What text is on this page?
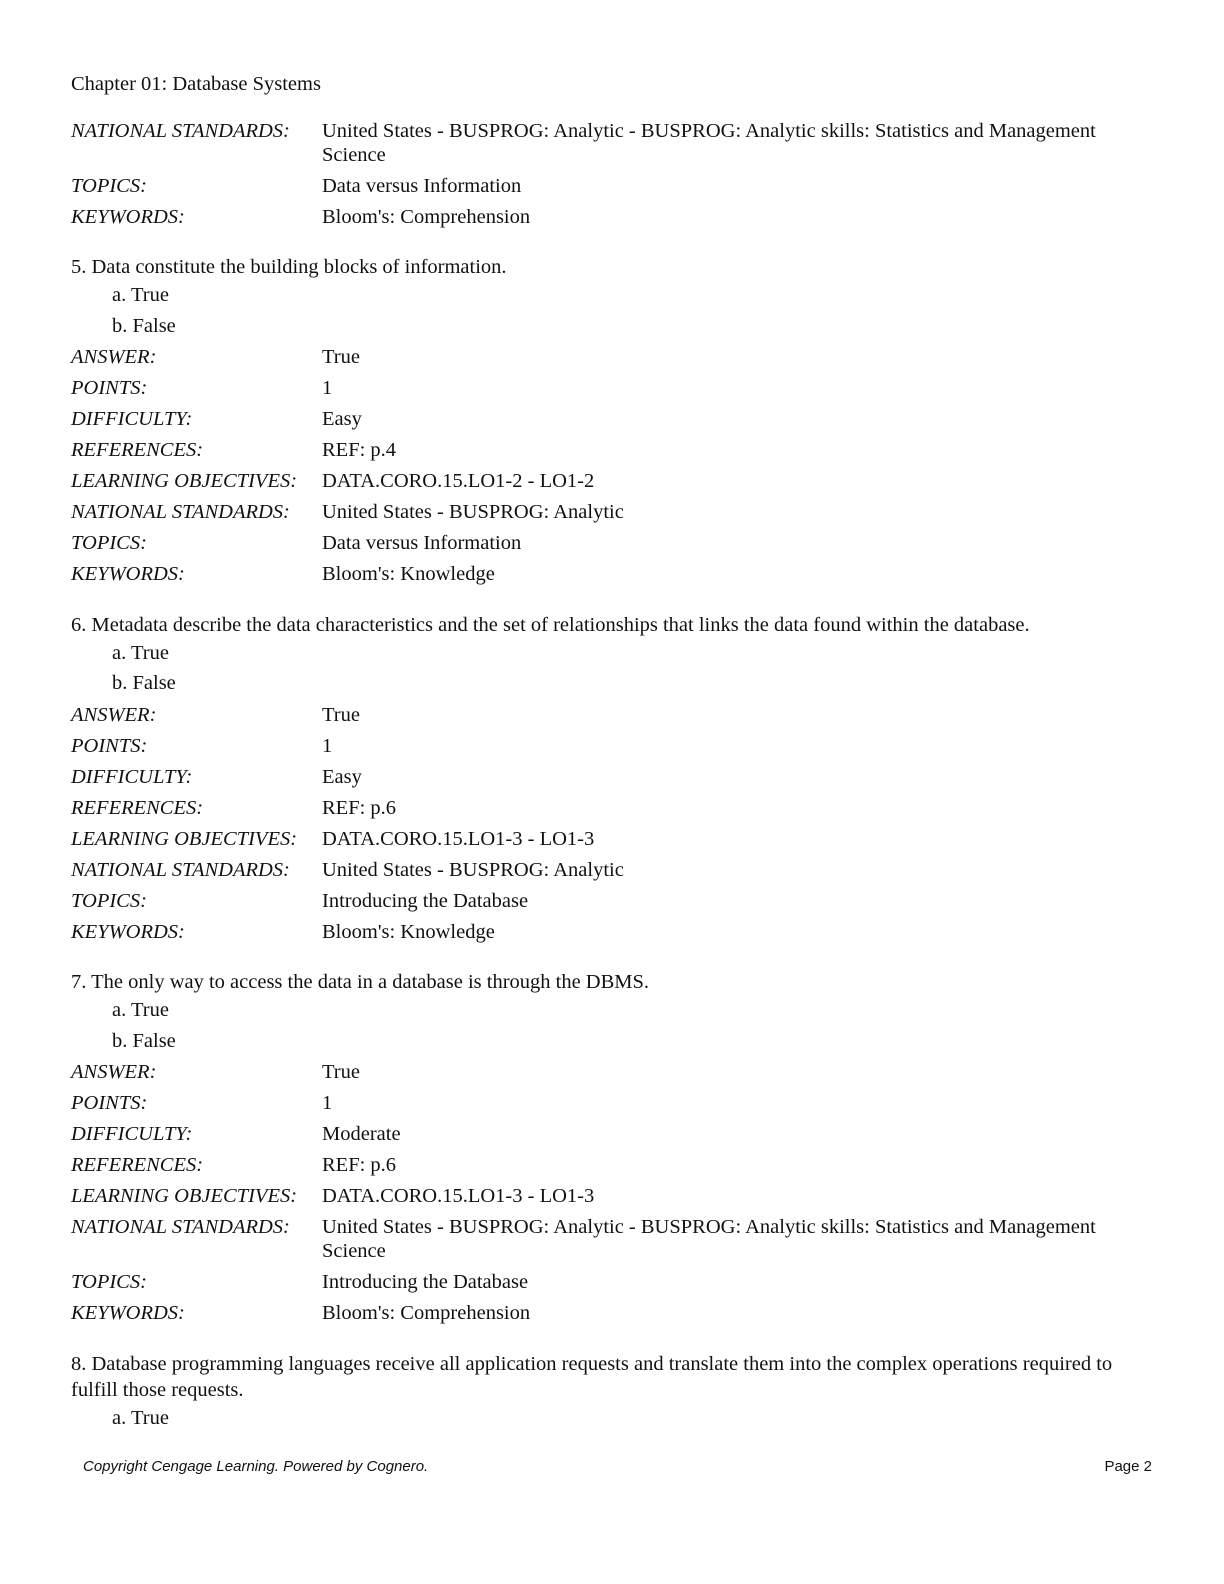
Chapter 01: Database Systems
NATIONAL STANDARDS:	United States - BUSPROG: Analytic - BUSPROG: Analytic skills: Statistics and Management Science
TOPICS:	Data versus Information
KEYWORDS:	Bloom's: Comprehension
5. Data constitute the building blocks of information.
a. True
b. False
ANSWER:	True
POINTS:	1
DIFFICULTY:	Easy
REFERENCES:	REF: p.4
LEARNING OBJECTIVES:	DATA.CORO.15.LO1-2 - LO1-2
NATIONAL STANDARDS:	United States - BUSPROG: Analytic
TOPICS:	Data versus Information
KEYWORDS:	Bloom's: Knowledge
6. Metadata describe the data characteristics and the set of relationships that links the data found within the database.
a. True
b. False
ANSWER:	True
POINTS:	1
DIFFICULTY:	Easy
REFERENCES:	REF: p.6
LEARNING OBJECTIVES:	DATA.CORO.15.LO1-3 - LO1-3
NATIONAL STANDARDS:	United States - BUSPROG: Analytic
TOPICS:	Introducing the Database
KEYWORDS:	Bloom's: Knowledge
7. The only way to access the data in a database is through the DBMS.
a. True
b. False
ANSWER:	True
POINTS:	1
DIFFICULTY:	Moderate
REFERENCES:	REF: p.6
LEARNING OBJECTIVES:	DATA.CORO.15.LO1-3 - LO1-3
NATIONAL STANDARDS:	United States - BUSPROG: Analytic - BUSPROG: Analytic skills: Statistics and Management Science
TOPICS:	Introducing the Database
KEYWORDS:	Bloom's: Comprehension
8. Database programming languages receive all application requests and translate them into the complex operations required to fulfill those requests.
a. True
Copyright Cengage Learning. Powered by Cognero.	Page 2
